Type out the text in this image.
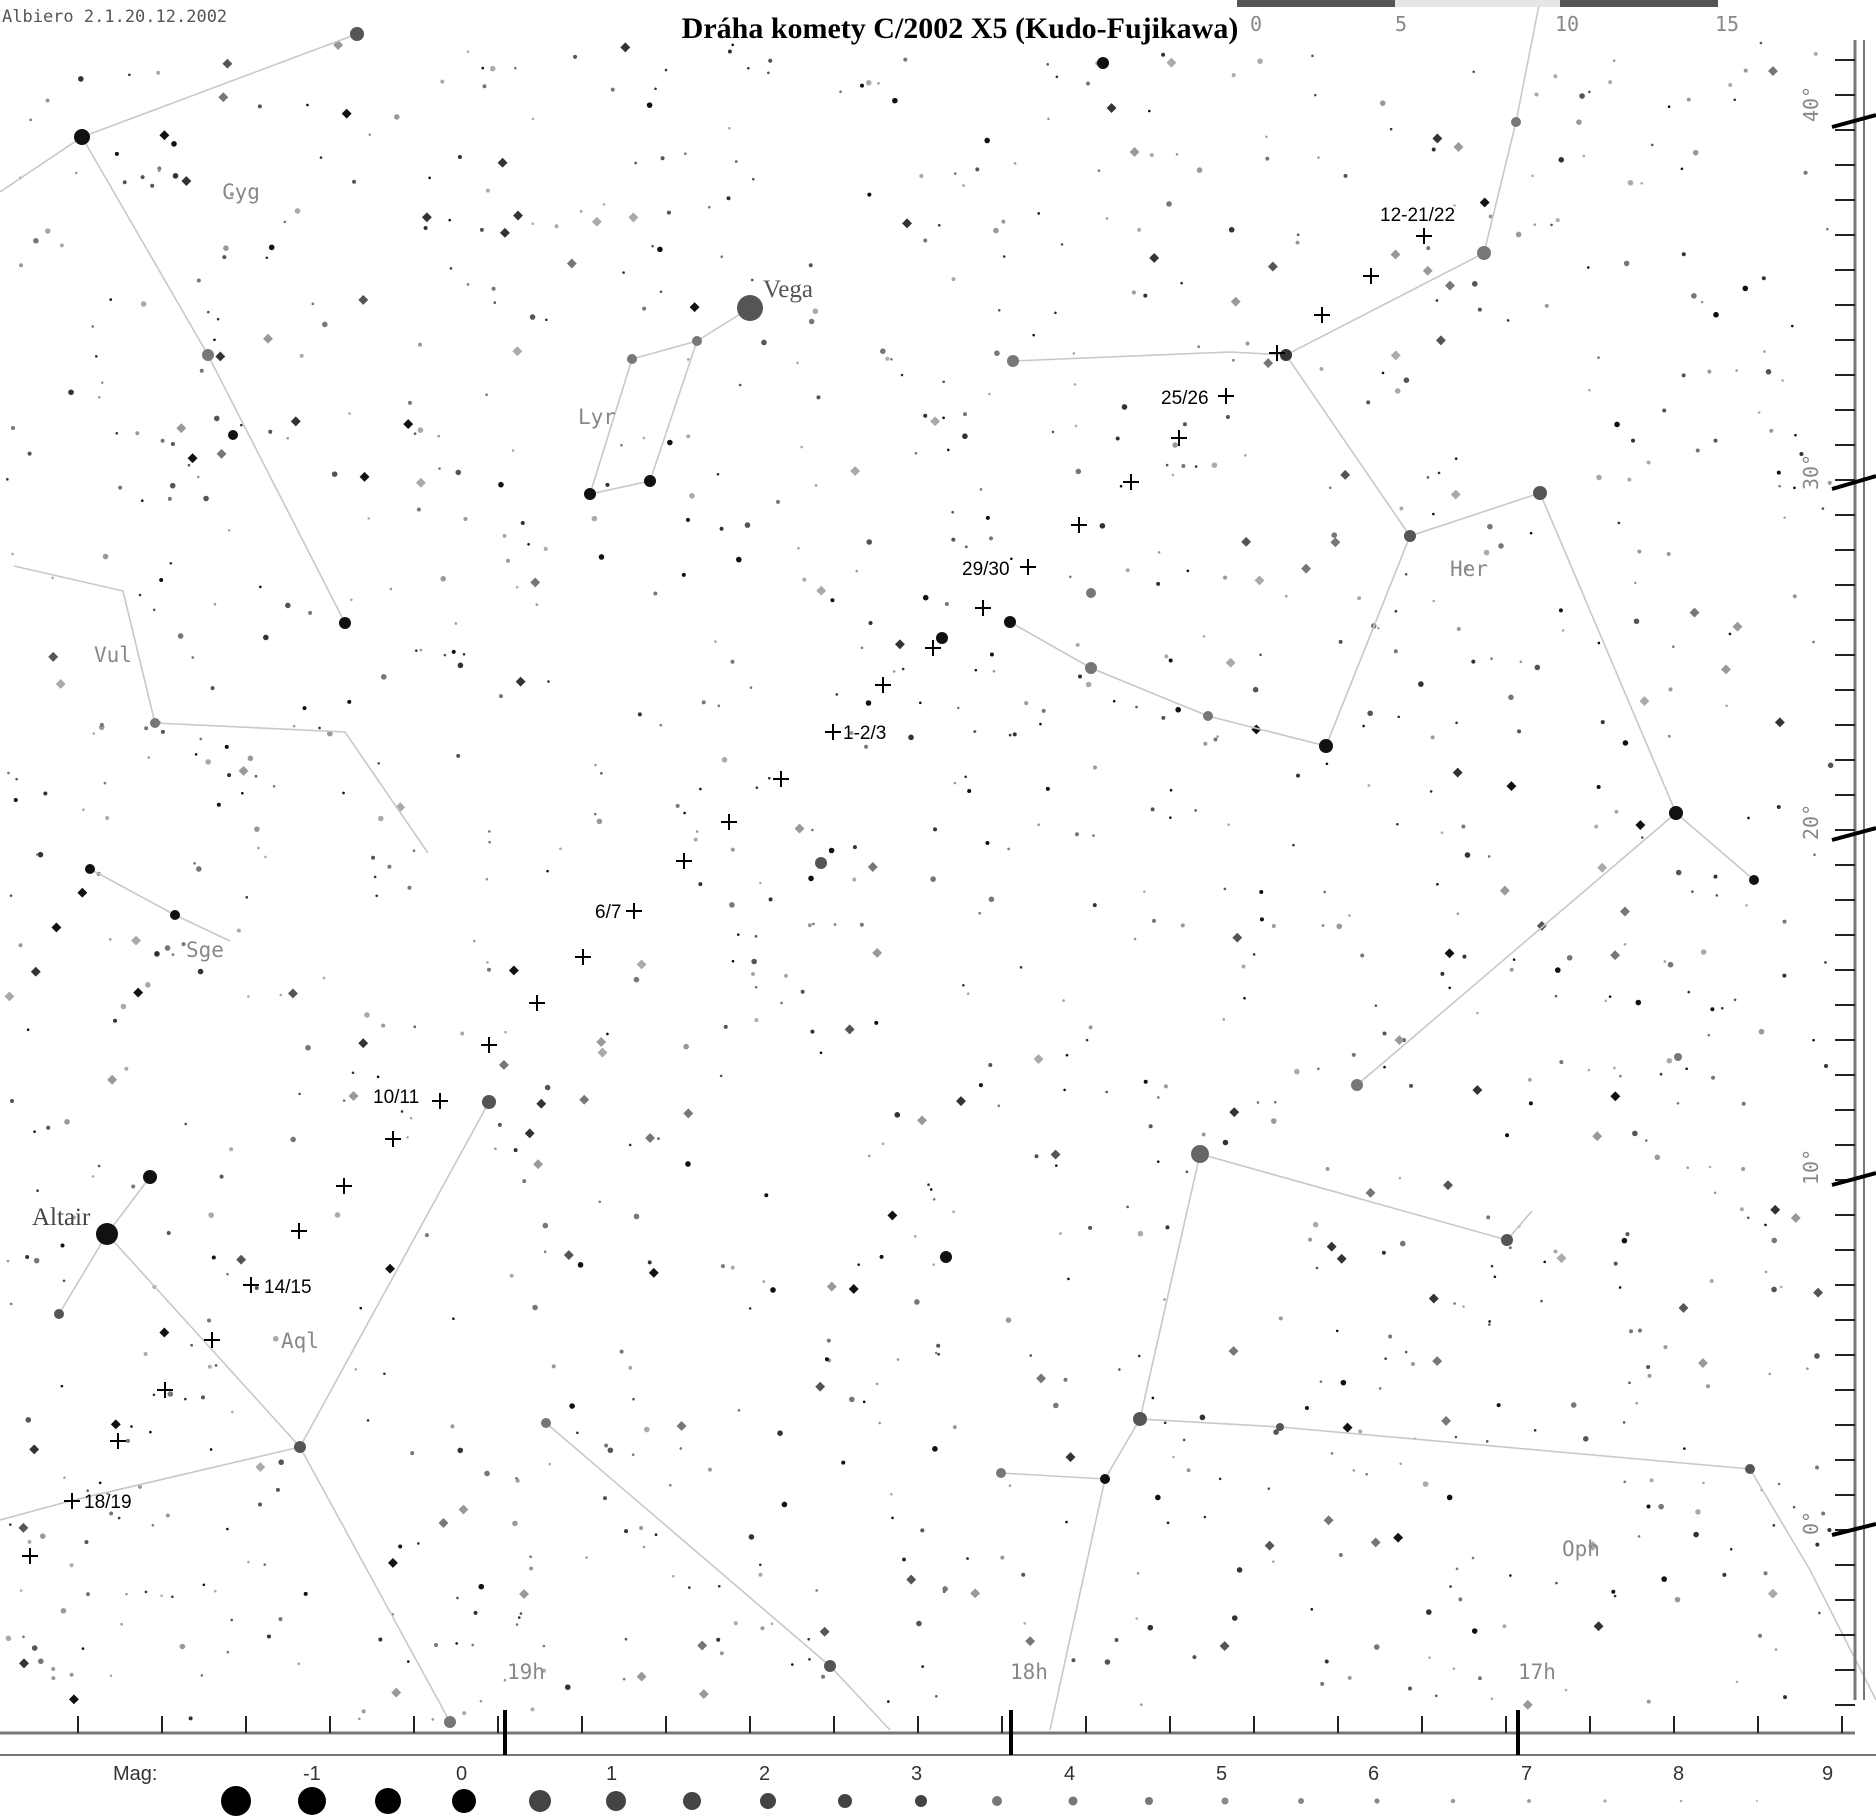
Albiero 2.1.20.12.2002	Dráha komety C/2002 X5 (Kudo-Fujikawa) 0	5	10	15
Cyg
Lyr
Vul
Sge
Aql
Her
Oph
Vega
Altair
12-21/22
25/26
29/30
1-2/3
6/7
10/11
14/15
18/19
19h	18h	17h
40°
30°
20°
10°
0°
1	2	3	4	5	6	7	8	9
Mag:	-1	0
